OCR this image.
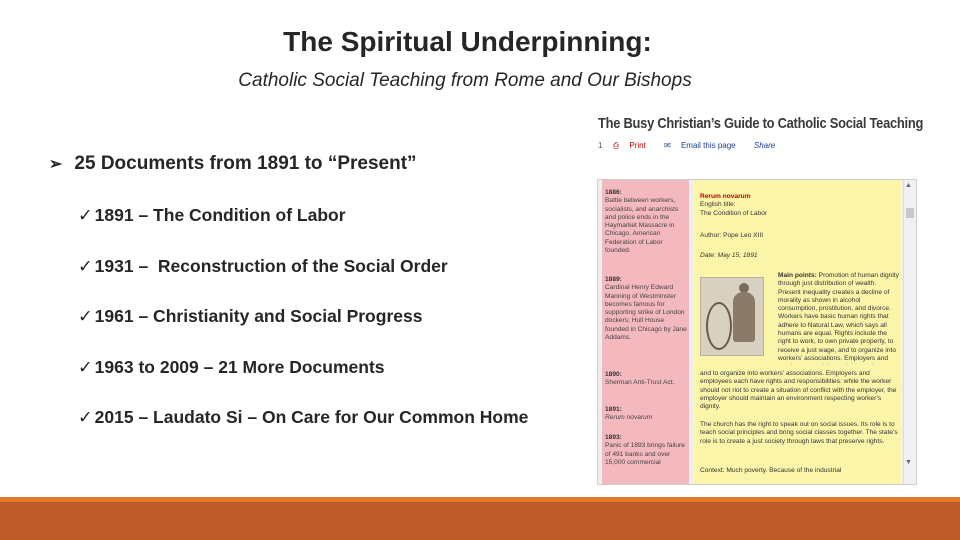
The Spiritual Underpinning:
Catholic Social Teaching from Rome and Our Bishops
➢ 25 Documents from 1891 to “Present”
✓ 1891 – The Condition of Labor
✓ 1931 –  Reconstruction of the Social Order
✓ 1961 – Christianity and Social Progress
✓ 1963 to 2009 – 21 More Documents
✓ 2015 – Laudato Si – On Care for Our Common Home
The Busy Christian’s Guide to Catholic Social Teaching
1 ⎙ Print ✉ Email this page Share
1886:
Battle between workers, socialists, and anarchists and police ends in the Haymarket Massacre in Chicago. American Federation of Labor founded.
1889:
Cardinal Henry Edward Manning of Westminster becomes famous for supporting strike of London dockers; Hull House founded in Chicago by Jane Addams.
1890:
Sherman Anti-Trust Act.
1891:
Rerum novarum
1893:
Panic of 1893 brings failure of 491 banks and over 15,000 commercial
Rerum novarum
English title:
The Condition of Labor
Author: Pope Leo XIII
Date: May 15, 1891
Main points: Promotion of human dignity through just distribution of wealth. Present inequality creates a decline of morality as shown in alcohol consumption, prostitution, and divorce. Workers have basic human rights that adhere to Natural Law, which says all humans are equal. Rights include the right to work, to own private property, to receive a just wage, and to organize into workers’ associations. Employers and
and to organize into workers’ associations. Employers and employees each have rights and responsibilities: while the worker should not riot to create a situation of conflict with the employer, the employer should maintain an environment respecting worker’s dignity.
The church has the right to speak out on social issues. Its role is to teach social principles and bring social classes together. The state’s role is to create a just society through laws that preserve rights.
Context: Much poverty. Because of the industrial
▲
▼
